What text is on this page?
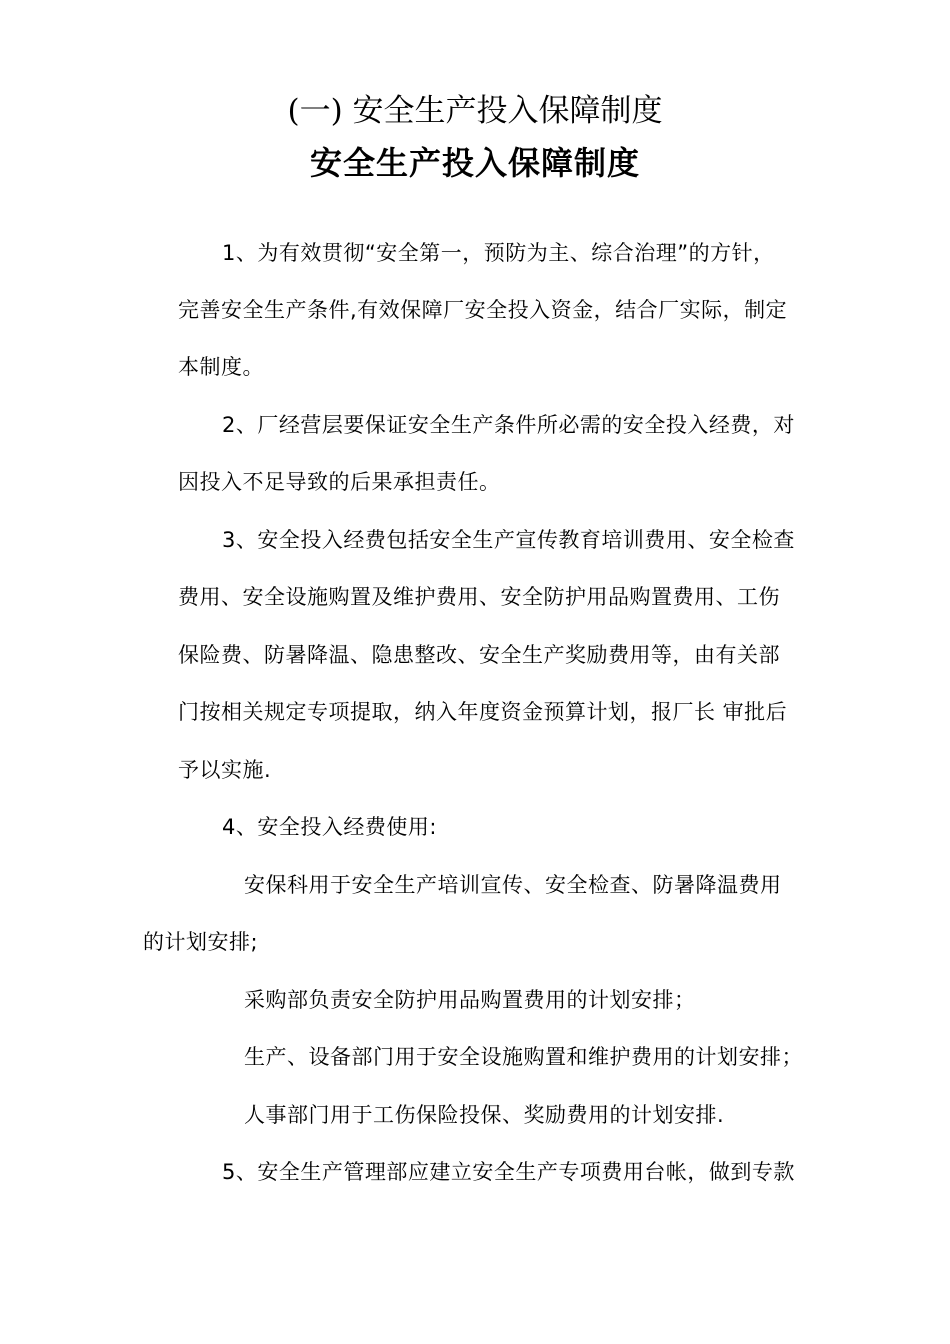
(一) 安全生产投入保障制度
安全生产投入保障制度
1、为有效贯彻“安全第一，预防为主、综合治理”的方针，
完善安全生产条件,有效保障厂安全投入资金，结合厂实际，制定
本制度。
2、厂经营层要保证安全生产条件所必需的安全投入经费，对
因投入不足导致的后果承担责任。
3、安全投入经费包括安全生产宣传教育培训费用、安全检查
费用、安全设施购置及维护费用、安全防护用品购置费用、工伤
保险费、防暑降温、隐患整改、安全生产奖励费用等，由有关部
门按相关规定专项提取，纳入年度资金预算计划，报厂长 审批后
予以实施.
4、安全投入经费使用:
安保科用于安全生产培训宣传、安全检查、防暑降温费用
的计划安排;
采购部负责安全防护用品购置费用的计划安排；
生产、设备部门用于安全设施购置和维护费用的计划安排；
人事部门用于工伤保险投保、奖励费用的计划安排.
5、安全生产管理部应建立安全生产专项费用台帐，做到专款
